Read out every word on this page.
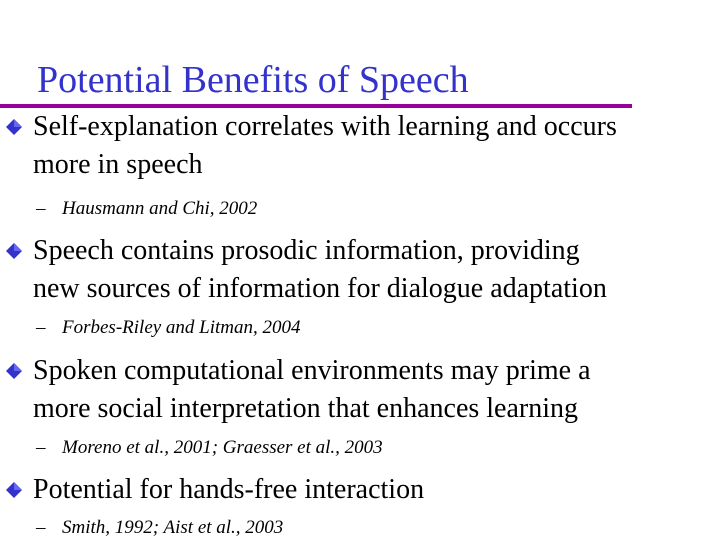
Potential Benefits of Speech
Self-explanation correlates with learning and occurs
more in speech
– Hausmann and Chi, 2002
Speech contains prosodic information, providing
new sources of information for dialogue adaptation
– Forbes-Riley and Litman, 2004
Spoken computational environments may prime a
more social interpretation that enhances learning
– Moreno et al., 2001; Graesser et al., 2003
Potential for hands-free interaction
– Smith, 1992; Aist et al., 2003
